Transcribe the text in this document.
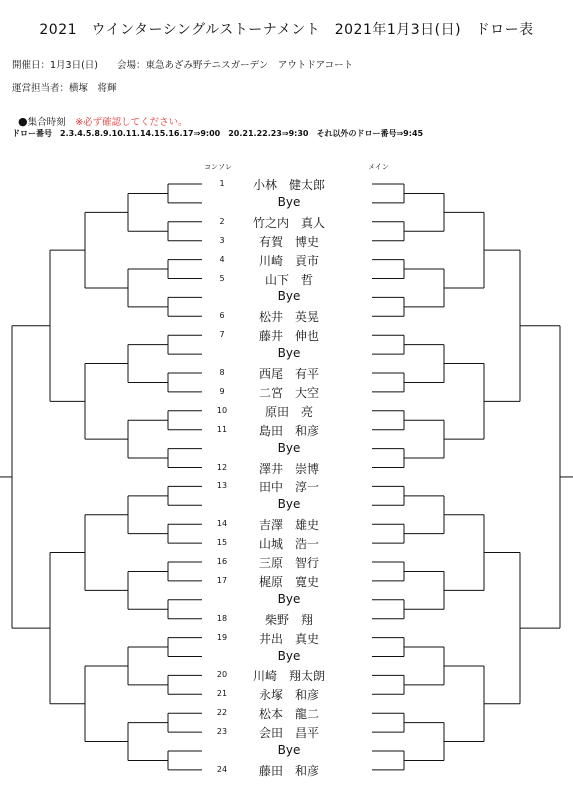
2021　ウインターシングルストーナメント　2021年1月3日(日)　ドロー表
開催日：1月3日(日)　　会場：東急あざみ野テニスガーデン　アウトドアコート
運営担当者：横塚　将輝

●集合時刻　 ※必ず確認してください。

ドロー番号　2.3.4.5.8.9.10.11.14.15.16.17⇒9:00　20.21.22.23⇒9:30　それ以外のドロー番号⇒9:45
コンソレ	メイン
1	小林　健太郎
Bye
2	竹之内　真人
3	有賀　博史
4	川崎　貢市
5	山下　哲
Bye
6	松井　英晃
7	藤井　伸也
Bye
8	西尾　有平
9	二宮　大空
10	原田　亮
11	島田　和彦
Bye
12	澤井　崇博
13	田中　淳一
Bye
14	吉澤　雄史
15	山城　浩一
16	三原　智行
17	梶原　寛史
Bye
18	柴野　翔
19	井出　真史
Bye
20	川崎　翔太朗
21	永塚　和彦
22	松本　龍二
23	会田　昌平
Bye
24	藤田　和彦
